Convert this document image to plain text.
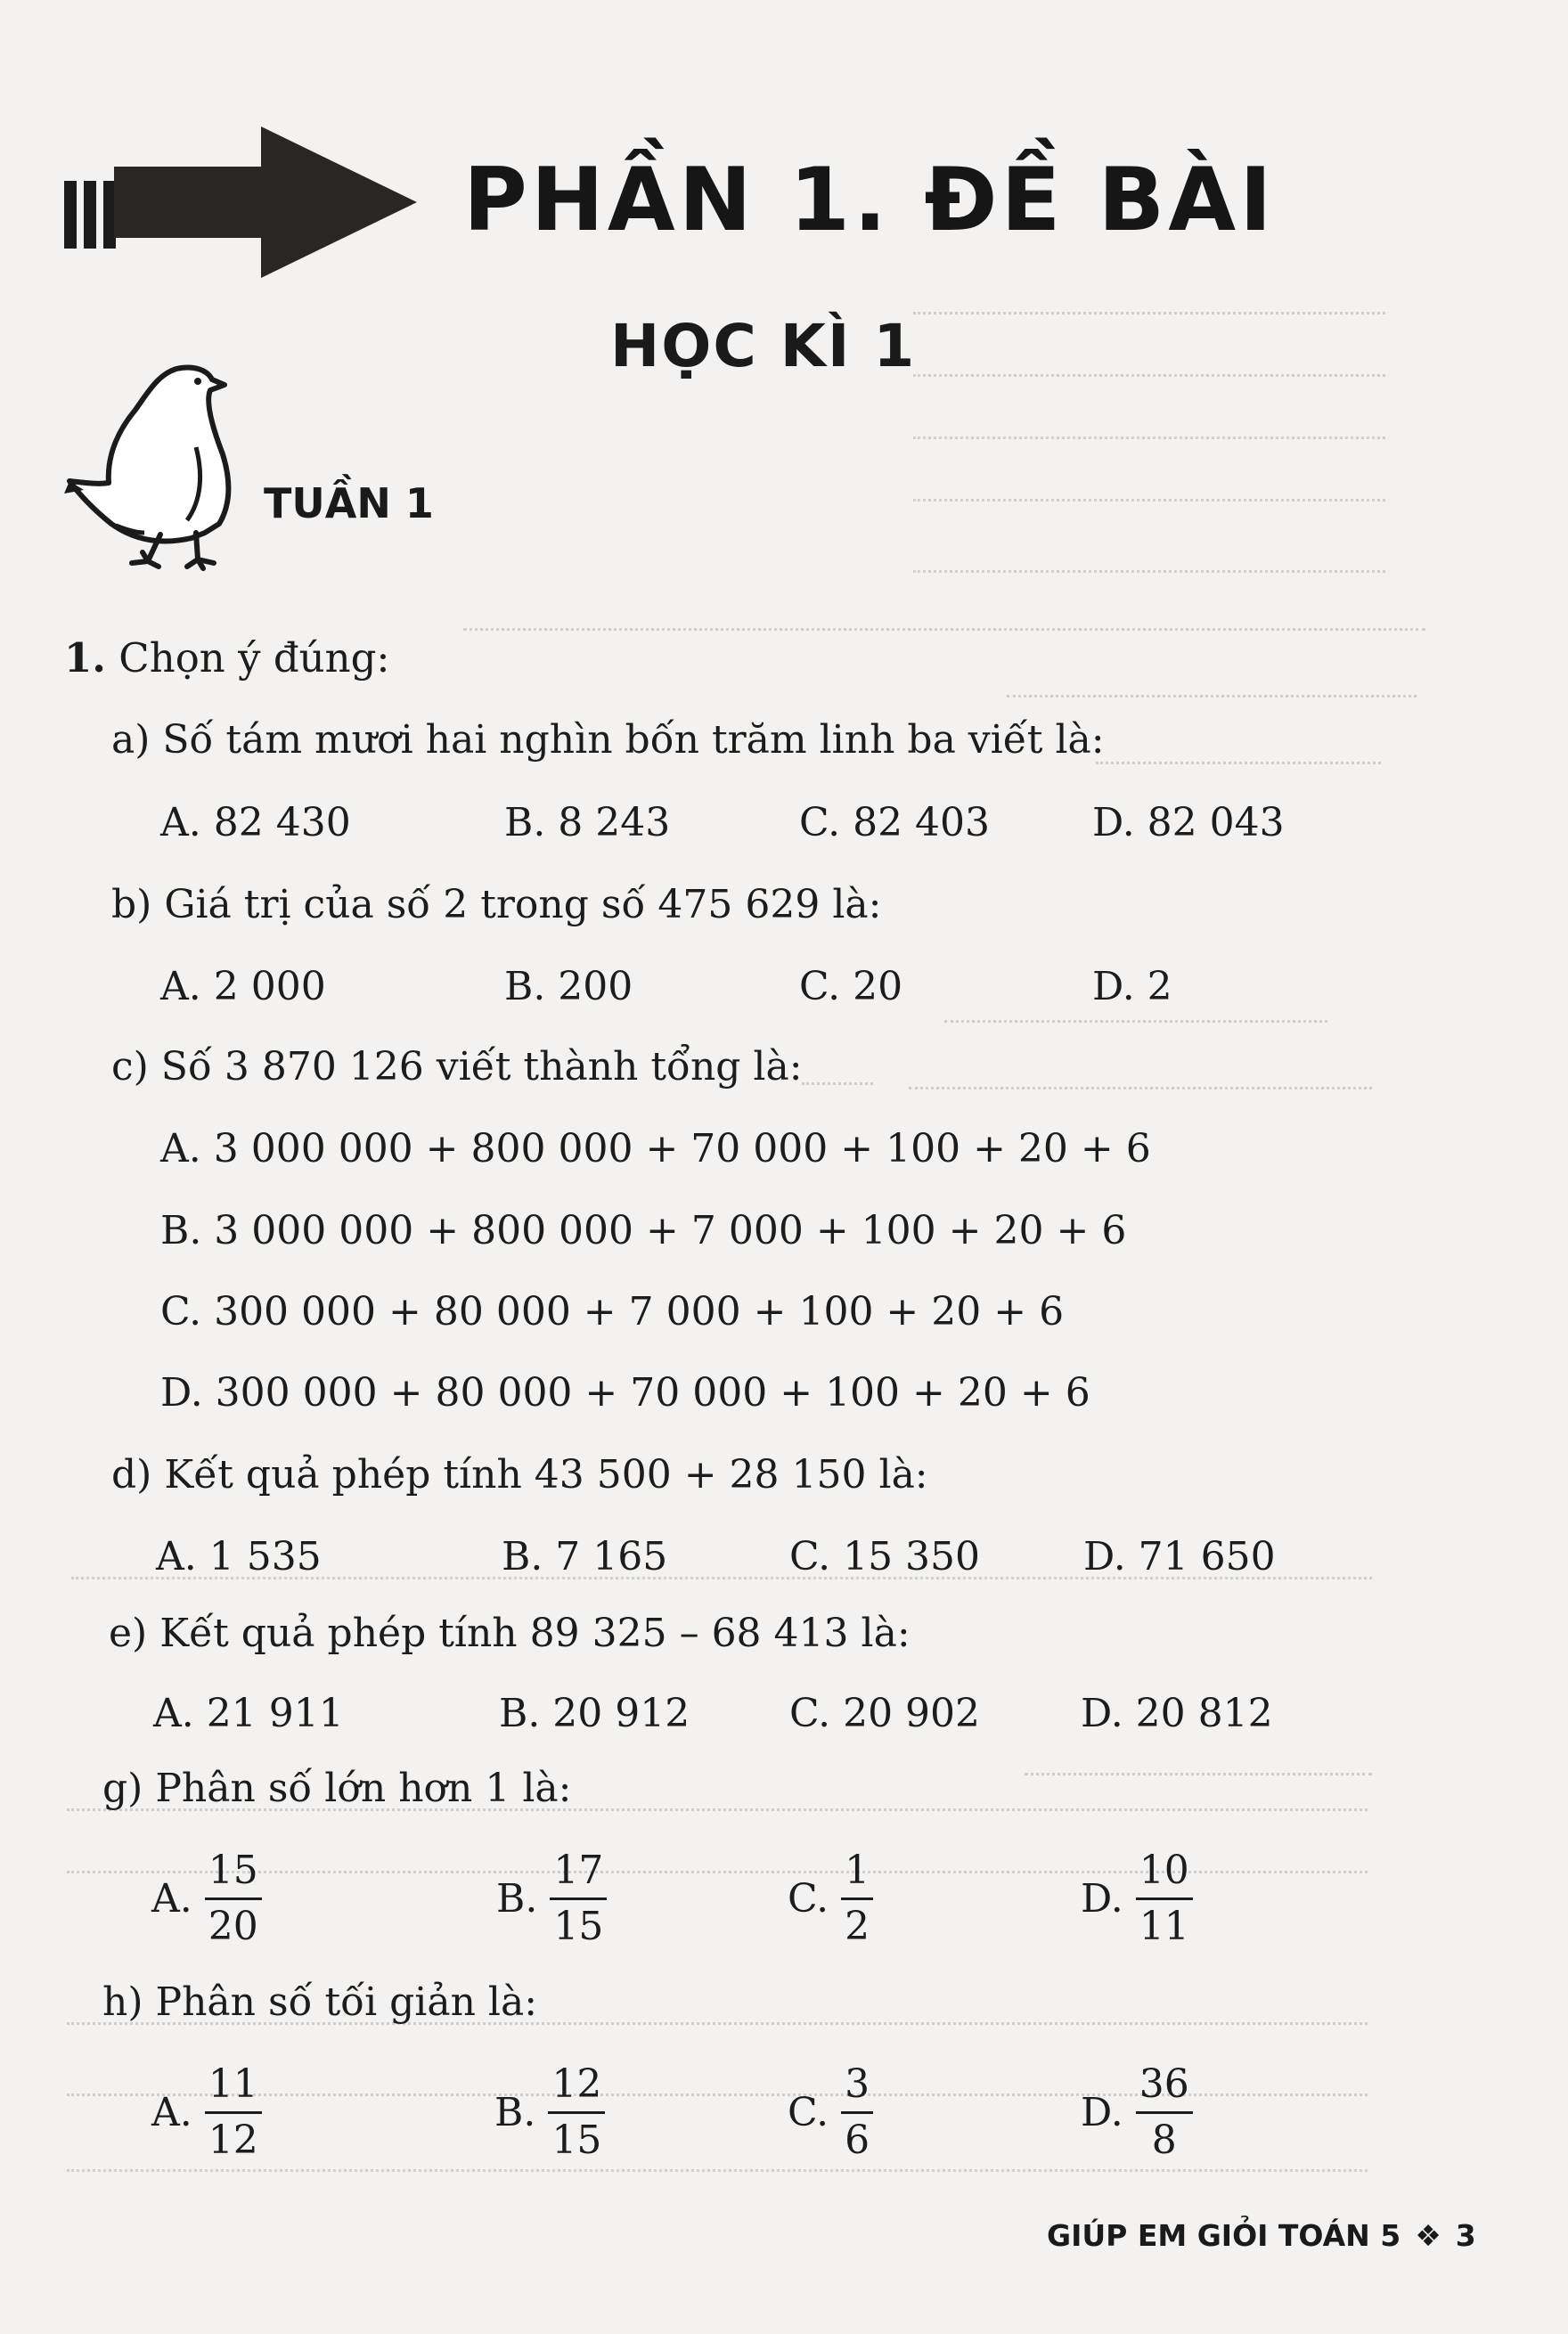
PHẦN 1. ĐỀ BÀI
HỌC KÌ 1
TUẦN 1
1. Chọn ý đúng:
a) Số tám mươi hai nghìn bốn trăm linh ba viết là:
A. 82 430	B. 8 243	C. 82 403	D. 82 043
b) Giá trị của số 2 trong số 475 629 là:
A. 2 000	B. 200	C. 20	D. 2
c) Số 3 870 126 viết thành tổng là:
A. 3 000 000 + 800 000 + 70 000 + 100 + 20 + 6
B. 3 000 000 + 800 000 + 7 000 + 100 + 20 + 6
C. 300 000 + 80 000 + 7 000 + 100 + 20 + 6
D. 300 000 + 80 000 + 70 000 + 100 + 20 + 6
d) Kết quả phép tính 43 500 + 28 150 là:
A. 1 535	B. 7 165	C. 15 350	D. 71 650
e) Kết quả phép tính 89 325 – 68 413 là:
A. 21 911	B. 20 912	C. 20 902	D. 20 812
g) Phân số lớn hơn 1 là:
A. $\frac{15}{20}$	B. $\frac{17}{15}$	C. $\frac{1}{2}$	D. $\frac{10}{11}$
h) Phân số tối giản là:
A. $\frac{11}{12}$	B. $\frac{12}{15}$	C. $\frac{3}{6}$	D. $\frac{36}{8}$
GIÚP EM GIỎI TOÁN 5 ❖ 3
